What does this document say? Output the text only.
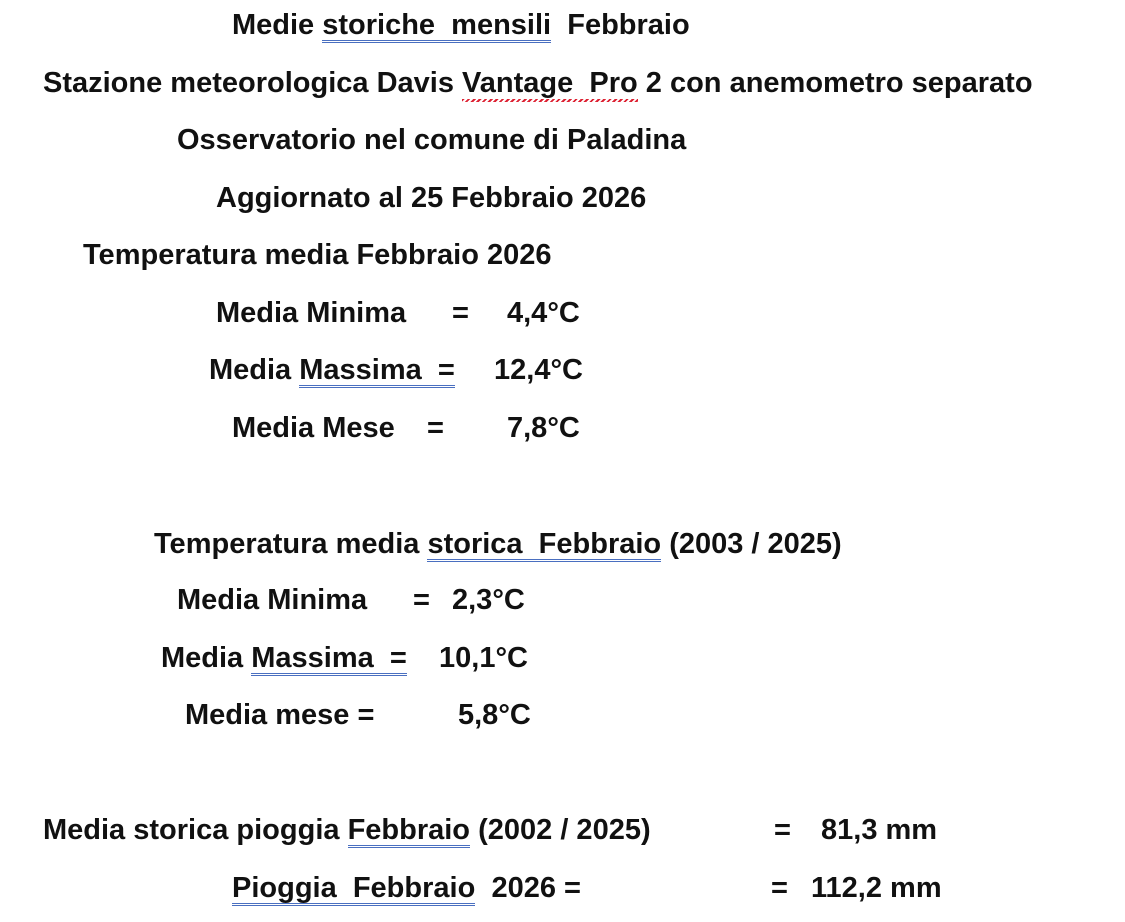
Medie storiche  mensili Febbraio
Stazione meteorologica Davis Vantage  Pro 2 con anemometro separato
Osservatorio nel comune di Paladina
Aggiornato al 25 Febbraio 2026
Temperatura media Febbraio 2026
Media Minima = 4,4°C
Media Massima  = 12,4°C
Media Mese = 7,8°C
Temperatura media storica  Febbraio (2003 / 2025)
Media Minima = 2,3°C
Media Massima  = 10,1°C
Media mese =	5,8°C
Media storica pioggia Febbraio (2002 / 2025)	= 81,3 mm
Pioggia  Febbraio 2026 =	= 112,2 mm
